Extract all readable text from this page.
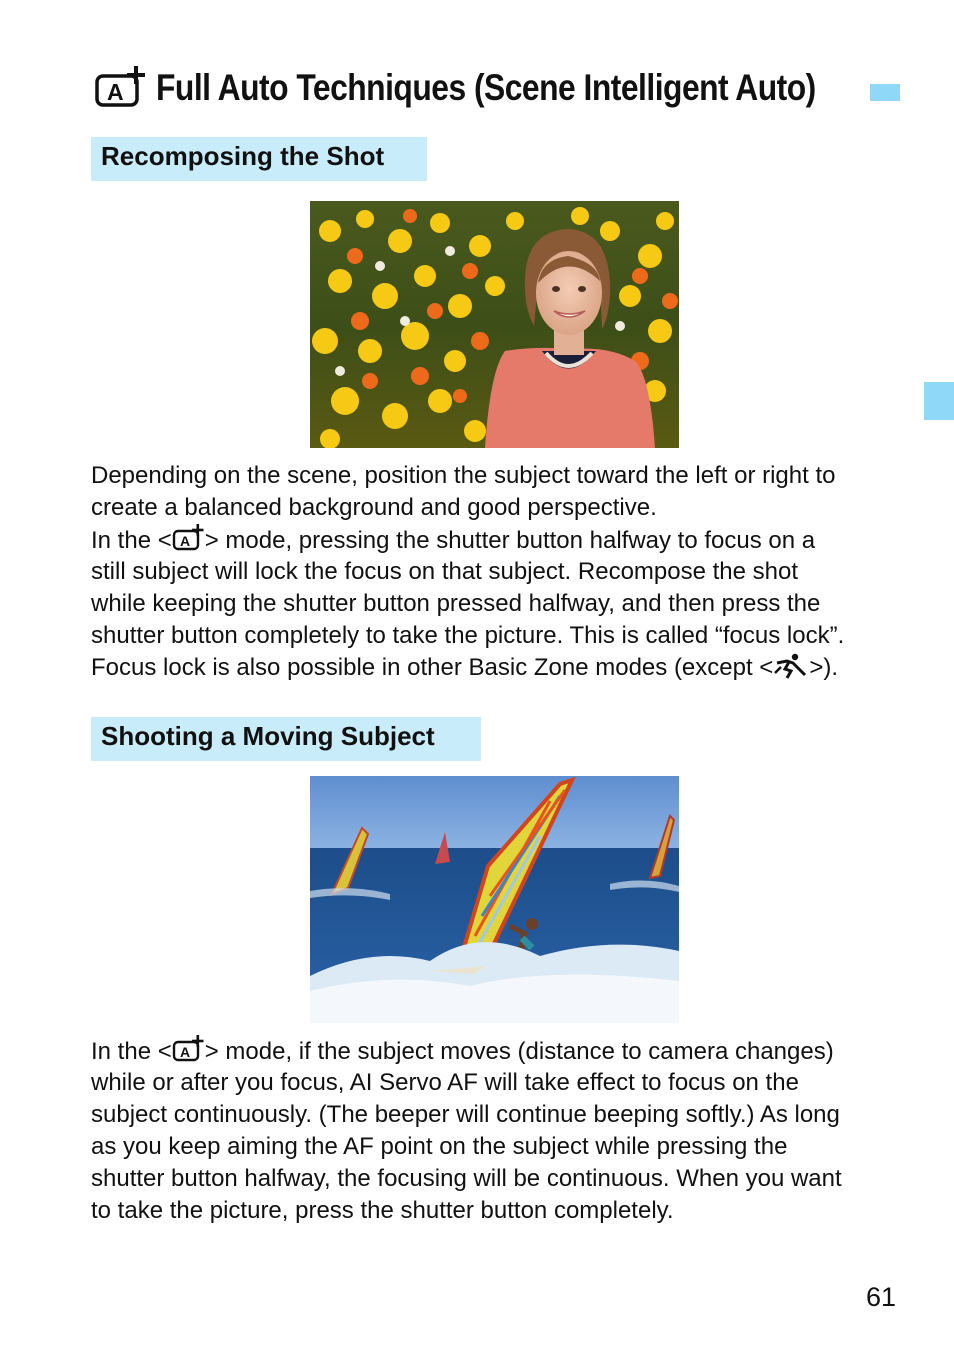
A Full Auto Techniques (Scene Intelligent Auto)
Recomposing the Shot
Depending on the scene, position the subject toward the left or right to
create a balanced background and good perspective.
In the < A > mode, pressing the shutter button halfway to focus on a
still subject will lock the focus on that subject. Recompose the shot
while keeping the shutter button pressed halfway, and then press the
shutter button completely to take the picture. This is called “focus lock”.
Focus lock is also possible in other Basic Zone modes (except < >).
Shooting a Moving Subject
In the < A > mode, if the subject moves (distance to camera changes)
while or after you focus, AI Servo AF will take effect to focus on the
subject continuously. (The beeper will continue beeping softly.) As long
as you keep aiming the AF point on the subject while pressing the
shutter button halfway, the focusing will be continuous. When you want
to take the picture, press the shutter button completely.
61
